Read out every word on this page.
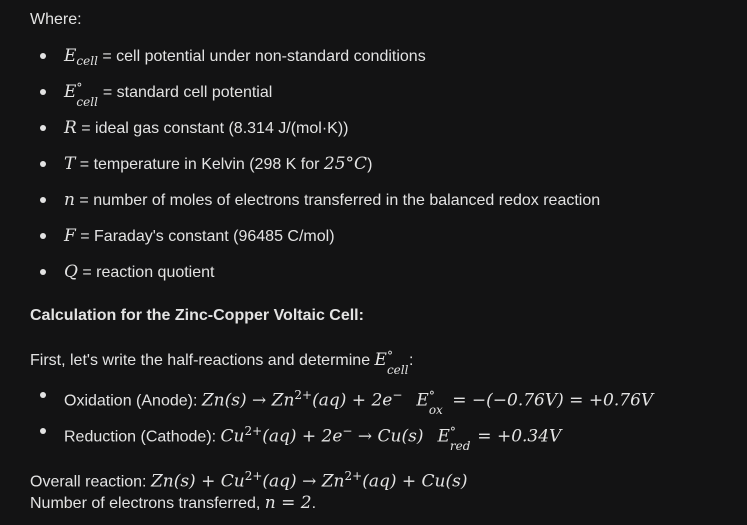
Where:
$E_{cell}$ = cell potential under non-standard conditions
E °
cell
= standard cell potential
R = ideal gas constant (8.314 J/(mol·K))
T = temperature in Kelvin (298 K for 25°C)
n = number of moles of electrons transferred in the balanced redox reaction
F = Faraday's constant (96485 C/mol)
Q = reaction quotient
Calculation for the Zinc-Copper Voltaic Cell:
First, let's write the half-reactions and determine E °
cell
:
Oxidation (Anode): $Zn(s) \to Zn^{2+}(aq) + 2e^-$ E °
ox = −(−0.76V) = +0.76V
Reduction (Cathode): $Cu^{2+}(aq) + 2e^- \to Cu(s)$ E °
red = +0.34V
Overall reaction: $Zn(s) + Cu^{2+}(aq) \to Zn^{2+}(aq) + Cu(s)$
Number of electrons transferred, n = 2.
